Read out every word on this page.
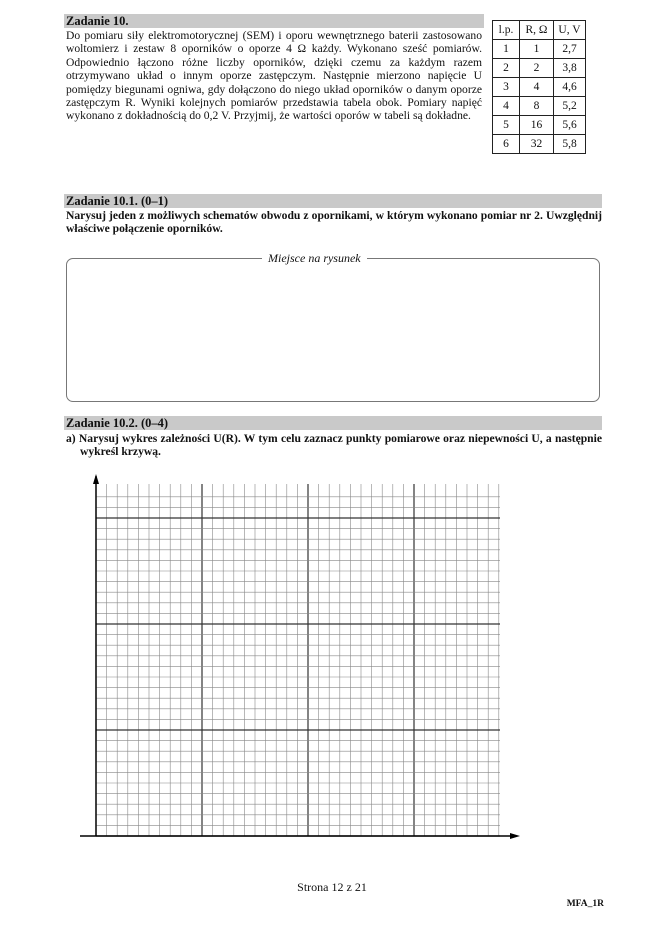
Zadanie 10.
Do pomiaru siły elektromotorycznej (SEM) i oporu wewnętrznego baterii zastosowano woltomierz i zestaw 8 oporników o oporze 4 Ω każdy. Wykonano sześć pomiarów. Odpowiednio łączono różne liczby oporników, dzięki czemu za każdym razem otrzymywano układ o innym oporze zastępczym. Następnie mierzono napięcie U pomiędzy biegunami ogniwa, gdy dołączono do niego układ oporników o danym oporze zastępczym R. Wyniki kolejnych pomiarów przedstawia tabela obok. Pomiary napięć wykonano z dokładnością do 0,2 V. Przyjmij, że wartości oporów w tabeli są dokładne.
l.p.	R, Ω	U, V
1	1	2,7
2	2	3,8
3	4	4,6
4	8	5,2
5	16	5,6
6	32	5,8
Zadanie 10.1. (0–1)
Narysuj jeden z możliwych schematów obwodu z opornikami, w którym wykonano pomiar nr 2. Uwzględnij właściwe połączenie oporników.
Miejsce na rysunek
Zadanie 10.2. (0–4)
a) Narysuj wykres zależności U(R). W tym celu zaznacz punkty pomiarowe oraz niepewności U, a następnie wykreśl krzywą.
Strona 12 z 21
MFA_1R
